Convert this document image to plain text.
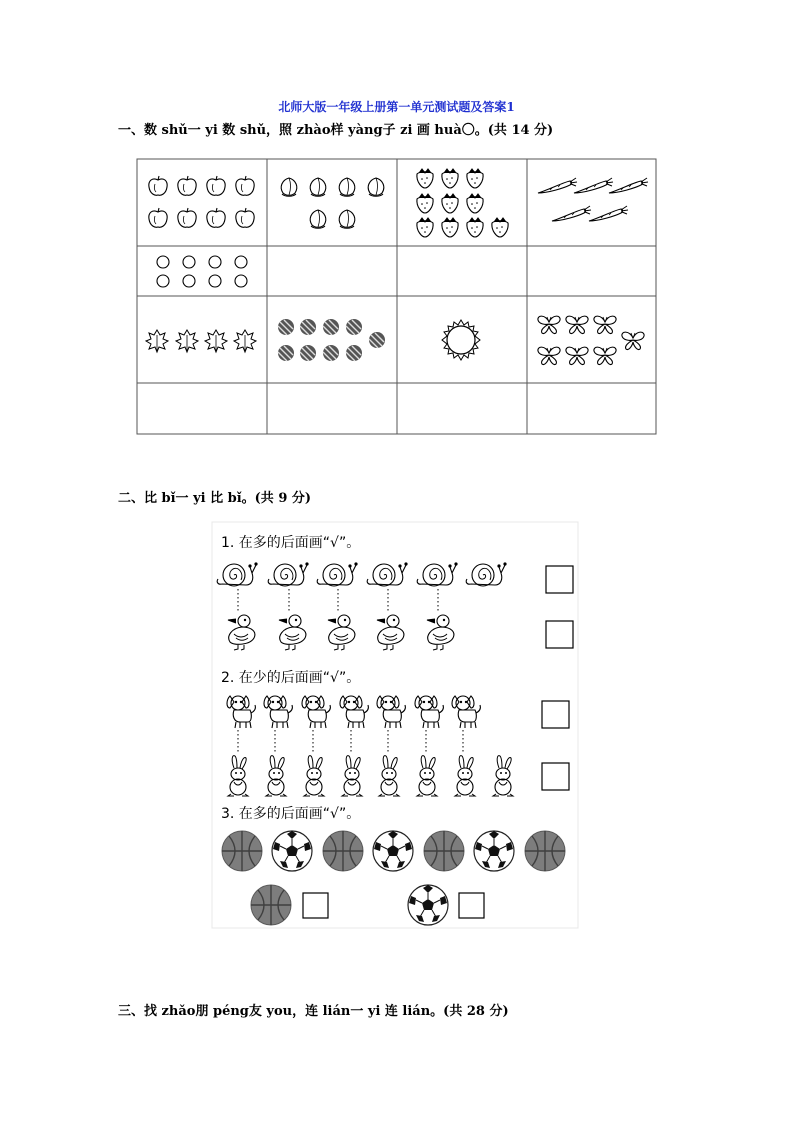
北师大版一年级上册第一单元测试题及答案1
一、数 shǔ一 yi 数 shǔ，照 zhào样 yàng子 zi 画 huà〇。(共 14 分)
二、比 bǐ一 yi 比 bǐ。(共 9 分)
1. 在多的后面画“√”。
2. 在少的后面画“√”。
3. 在多的后面画“√”。
三、找 zhǎo朋 péng友 you，连 lián一 yi 连 lián。(共 28 分)
